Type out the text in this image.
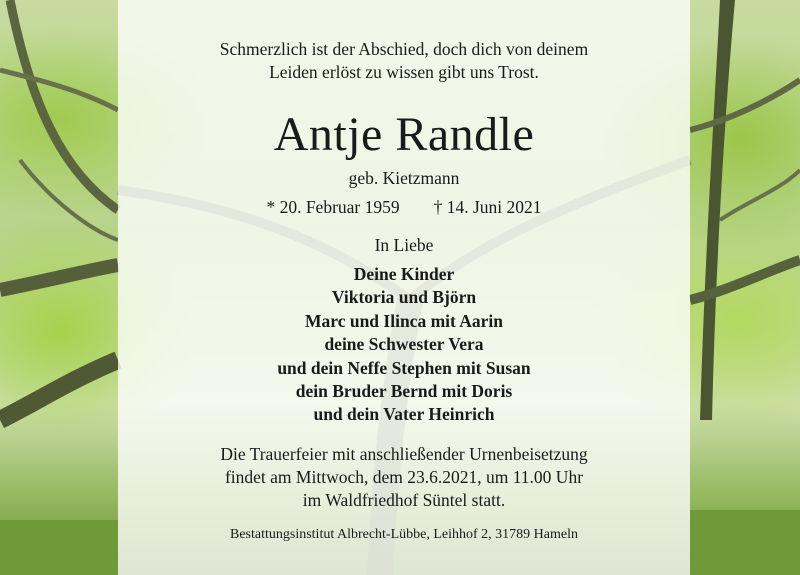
Schmerzlich ist der Abschied, doch dich von deinem
Leiden erlöst zu wissen gibt uns Trost.
Antje Randle
geb. Kietzmann
* 20. Februar 1959 † 14. Juni 2021
In Liebe
Deine Kinder
Viktoria und Björn
Marc und Ilinca mit Aarin
deine Schwester Vera
und dein Neffe Stephen mit Susan
dein Bruder Bernd mit Doris
und dein Vater Heinrich
Die Trauerfeier mit anschließender Urnenbeisetzung
findet am Mittwoch, dem 23.6.2021, um 11.00 Uhr
im Waldfriedhof Süntel statt.
Bestattungsinstitut Albrecht-Lübbe, Leihhof 2, 31789 Hameln
